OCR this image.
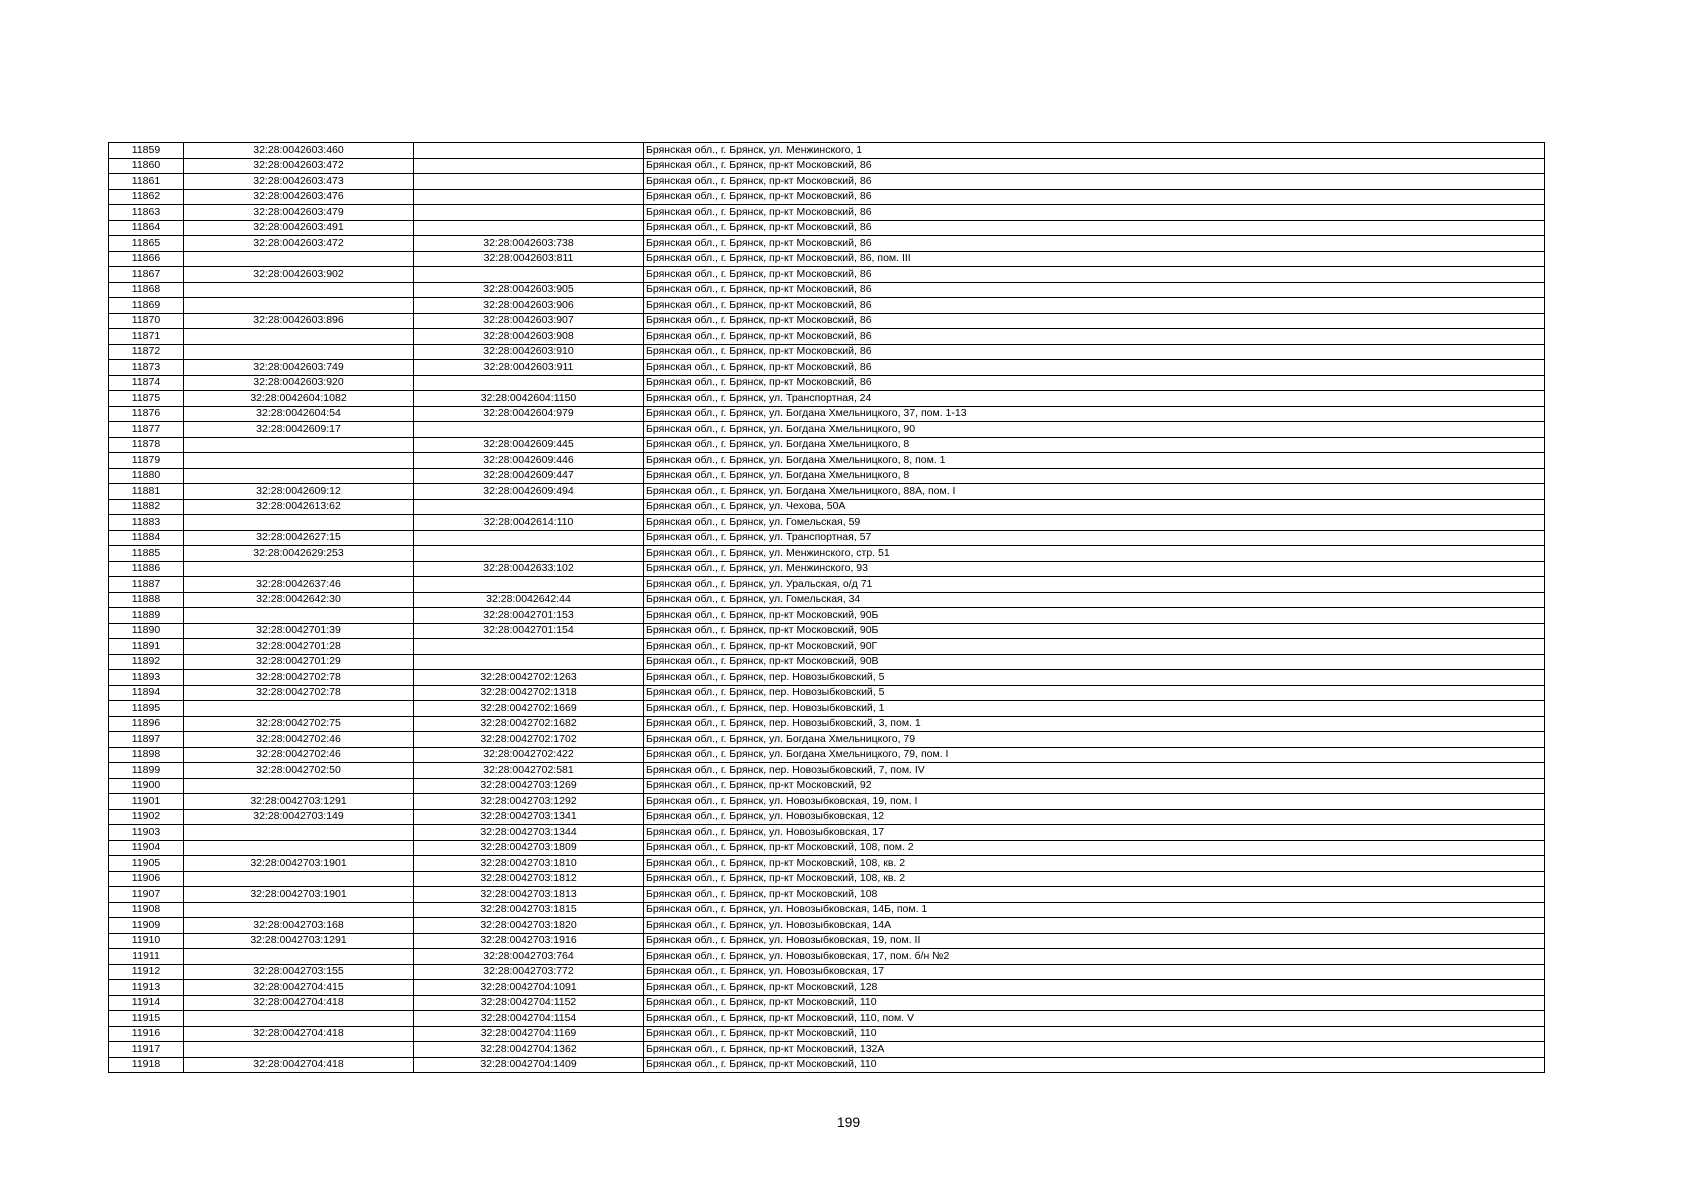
11859	32:28:0042603:460		Брянская обл., г. Брянск, ул. Менжинского, 1
11860	32:28:0042603:472		Брянская обл., г. Брянск, пр-кт Московский, 86
11861	32:28:0042603:473		Брянская обл., г. Брянск, пр-кт Московский, 86
11862	32:28:0042603:476		Брянская обл., г. Брянск, пр-кт Московский, 86
11863	32:28:0042603:479		Брянская обл., г. Брянск, пр-кт Московский, 86
11864	32:28:0042603:491		Брянская обл., г. Брянск, пр-кт Московский, 86
11865	32:28:0042603:472	32:28:0042603:738	Брянская обл., г. Брянск, пр-кт Московский, 86
11866		32:28:0042603:811	Брянская обл., г. Брянск, пр-кт Московский, 86, пом. III
11867	32:28:0042603:902		Брянская обл., г. Брянск, пр-кт Московский, 86
11868		32:28:0042603:905	Брянская обл., г. Брянск, пр-кт Московский, 86
11869		32:28:0042603:906	Брянская обл., г. Брянск, пр-кт Московский, 86
11870	32:28:0042603:896	32:28:0042603:907	Брянская обл., г. Брянск, пр-кт Московский, 86
11871		32:28:0042603:908	Брянская обл., г. Брянск, пр-кт Московский, 86
11872		32:28:0042603:910	Брянская обл., г. Брянск, пр-кт Московский, 86
11873	32:28:0042603:749	32:28:0042603:911	Брянская обл., г. Брянск, пр-кт Московский, 86
11874	32:28:0042603:920		Брянская обл., г. Брянск, пр-кт Московский, 86
11875	32:28:0042604:1082	32:28:0042604:1150	Брянская обл., г. Брянск, ул. Транспортная, 24
11876	32:28:0042604:54	32:28:0042604:979	Брянская обл., г. Брянск, ул. Богдана Хмельницкого, 37, пом. 1-13
11877	32:28:0042609:17		Брянская обл., г. Брянск, ул. Богдана Хмельницкого, 90
11878		32:28:0042609:445	Брянская обл., г. Брянск, ул. Богдана Хмельницкого, 8
11879		32:28:0042609:446	Брянская обл., г. Брянск, ул. Богдана Хмельницкого, 8, пом. 1
11880		32:28:0042609:447	Брянская обл., г. Брянск, ул. Богдана Хмельницкого, 8
11881	32:28:0042609:12	32:28:0042609:494	Брянская обл., г. Брянск, ул. Богдана Хмельницкого, 88А, пом. I
11882	32:28:0042613:62		Брянская обл., г. Брянск, ул. Чехова, 50А
11883		32:28:0042614:110	Брянская обл., г. Брянск, ул. Гомельская, 59
11884	32:28:0042627:15		Брянская обл., г. Брянск, ул. Транспортная, 57
11885	32:28:0042629:253		Брянская обл., г. Брянск, ул. Менжинского, стр. 51
11886		32:28:0042633:102	Брянская обл., г. Брянск, ул. Менжинского, 93
11887	32:28:0042637:46		Брянская обл., г. Брянск, ул. Уральская, о/д 71
11888	32:28:0042642:30	32:28:0042642:44	Брянская обл., г. Брянск, ул. Гомельская, 34
11889		32:28:0042701:153	Брянская обл., г. Брянск, пр-кт Московский, 90Б
11890	32:28:0042701:39	32:28:0042701:154	Брянская обл., г. Брянск, пр-кт Московский, 90Б
11891	32:28:0042701:28		Брянская обл., г. Брянск, пр-кт Московский, 90Г
11892	32:28:0042701:29		Брянская обл., г. Брянск, пр-кт Московский, 90В
11893	32:28:0042702:78	32:28:0042702:1263	Брянская обл., г. Брянск, пер. Новозыбковский, 5
11894	32:28:0042702:78	32:28:0042702:1318	Брянская обл., г. Брянск, пер. Новозыбковский, 5
11895		32:28:0042702:1669	Брянская обл., г. Брянск, пер. Новозыбковский, 1
11896	32:28:0042702:75	32:28:0042702:1682	Брянская обл., г. Брянск, пер. Новозыбковский, 3, пом. 1
11897	32:28:0042702:46	32:28:0042702:1702	Брянская обл., г. Брянск, ул. Богдана Хмельницкого, 79
11898	32:28:0042702:46	32:28:0042702:422	Брянская обл., г. Брянск, ул. Богдана Хмельницкого, 79, пом. I
11899	32:28:0042702:50	32:28:0042702:581	Брянская обл., г. Брянск, пер. Новозыбковский, 7, пом. IV
11900		32:28:0042703:1269	Брянская обл., г. Брянск, пр-кт Московский, 92
11901	32:28:0042703:1291	32:28:0042703:1292	Брянская обл., г. Брянск, ул. Новозыбковская, 19, пом. I
11902	32:28:0042703:149	32:28:0042703:1341	Брянская обл., г. Брянск, ул. Новозыбковская, 12
11903		32:28:0042703:1344	Брянская обл., г. Брянск, ул. Новозыбковская, 17
11904		32:28:0042703:1809	Брянская обл., г. Брянск, пр-кт Московский, 108, пом. 2
11905	32:28:0042703:1901	32:28:0042703:1810	Брянская обл., г. Брянск, пр-кт Московский, 108, кв. 2
11906		32:28:0042703:1812	Брянская обл., г. Брянск, пр-кт Московский, 108, кв. 2
11907	32:28:0042703:1901	32:28:0042703:1813	Брянская обл., г. Брянск, пр-кт Московский, 108
11908		32:28:0042703:1815	Брянская обл., г. Брянск, ул. Новозыбковская, 14Б, пом. 1
11909	32:28:0042703:168	32:28:0042703:1820	Брянская обл., г. Брянск, ул. Новозыбковская, 14А
11910	32:28:0042703:1291	32:28:0042703:1916	Брянская обл., г. Брянск, ул. Новозыбковская, 19, пом. II
11911		32:28:0042703:764	Брянская обл., г. Брянск, ул. Новозыбковская, 17, пом. б/н №2
11912	32:28:0042703:155	32:28:0042703:772	Брянская обл., г. Брянск, ул. Новозыбковская, 17
11913	32:28:0042704:415	32:28:0042704:1091	Брянская обл., г. Брянск, пр-кт Московский, 128
11914	32:28:0042704:418	32:28:0042704:1152	Брянская обл., г. Брянск, пр-кт Московский, 110
11915		32:28:0042704:1154	Брянская обл., г. Брянск, пр-кт Московский, 110, пом. V
11916	32:28:0042704:418	32:28:0042704:1169	Брянская обл., г. Брянск, пр-кт Московский, 110
11917		32:28:0042704:1362	Брянская обл., г. Брянск, пр-кт Московский, 132А
11918	32:28:0042704:418	32:28:0042704:1409	Брянская обл., г. Брянск, пр-кт Московский, 110
199
